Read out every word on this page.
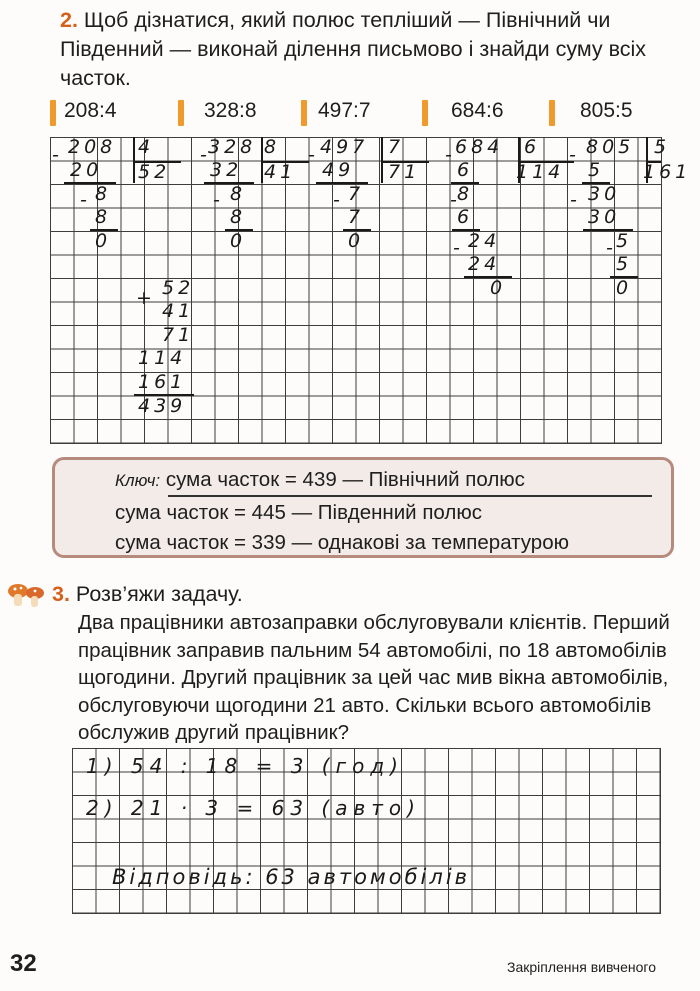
2. Щоб дізнатися, який полюс тепліший — Північний чи Південний — виконай ділення письмово і знайди суму всіх часток.
208:4	328:8	497:7	684:6	805:5
- 208 4
20 52
- 8
8
0
-
328 8
32 41
- 8
8
0
- 497 7
49 71
- 7
7
0
- 684 6
6 114
-
8
6
- 24
24
0
- 805 5
5 161
- 30
30
- 5
5
0
+ 52
41
71
114
161
439
Ключ: сума часток = 439 — Північний полюс
сума часток = 445 — Південний полюс
сума часток = 339 — однакові за температурою
3. Розв’яжи задачу.
Два працівники автозаправки обслуговували клієнтів. Перший працівник заправив пальним 54 автомобілі, по 18 автомобілів щогодини. Другий працівник за цей час мив вікна автомобілів, обслуговуючи щогодини 21 авто. Скільки всього автомобілів обслужив другий працівник?
1) 54 : 18 = 3 (год)
2) 21 · 3 = 63 (авто)
Відповідь: 63 автомобілів
32	Закріплення вивченого
